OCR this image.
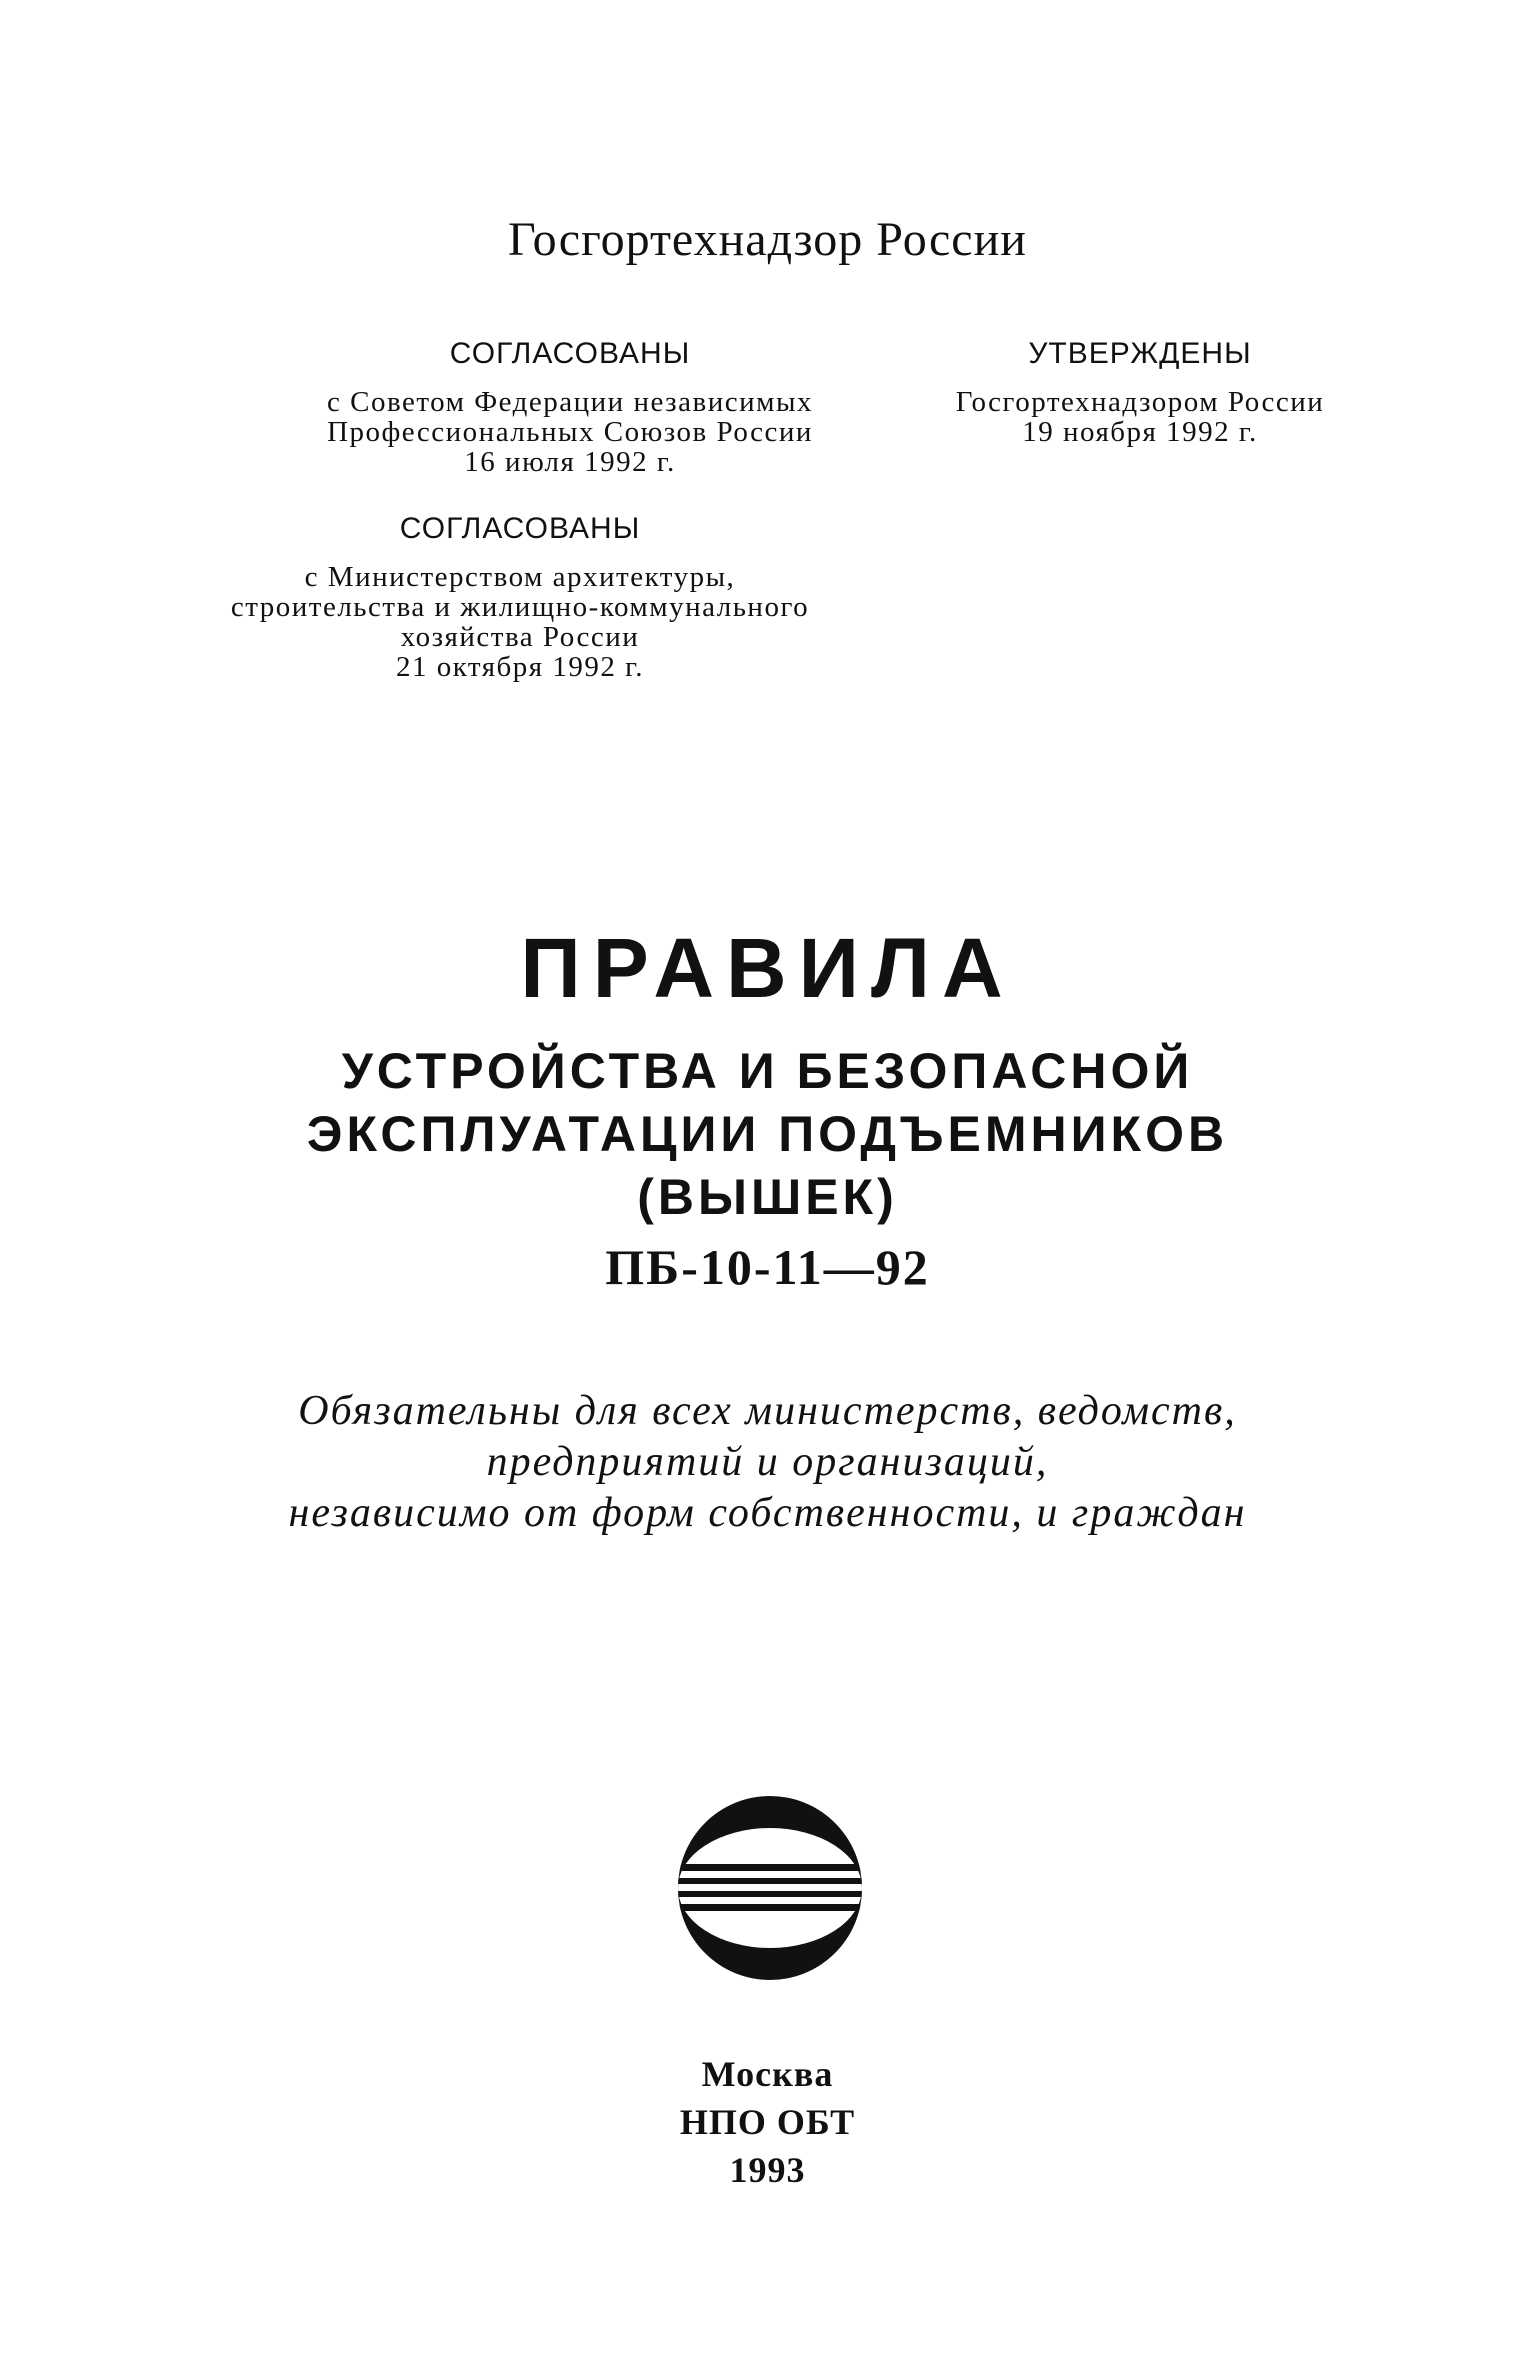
Госгортехнадзор России
СОГЛАСОВАНЫ
с Советом Федерации независимых
Профессиональных Союзов России
16 июля 1992 г.
УТВЕРЖДЕНЫ
Госгортехнадзором России
19 ноября 1992 г.
СОГЛАСОВАНЫ
с Министерством архитектуры,
строительства и жилищно-коммунального
хозяйства России
21 октября 1992 г.
ПРАВИЛА
УСТРОЙСТВА И БЕЗОПАСНОЙ
ЭКСПЛУАТАЦИИ ПОДЪЕМНИКОВ
(ВЫШЕК)
ПБ-10-11—92
Обязательны для всех министерств, ведомств,
предприятий и организаций,
независимо от форм собственности, и граждан
Москва
НПО ОБТ
1993
